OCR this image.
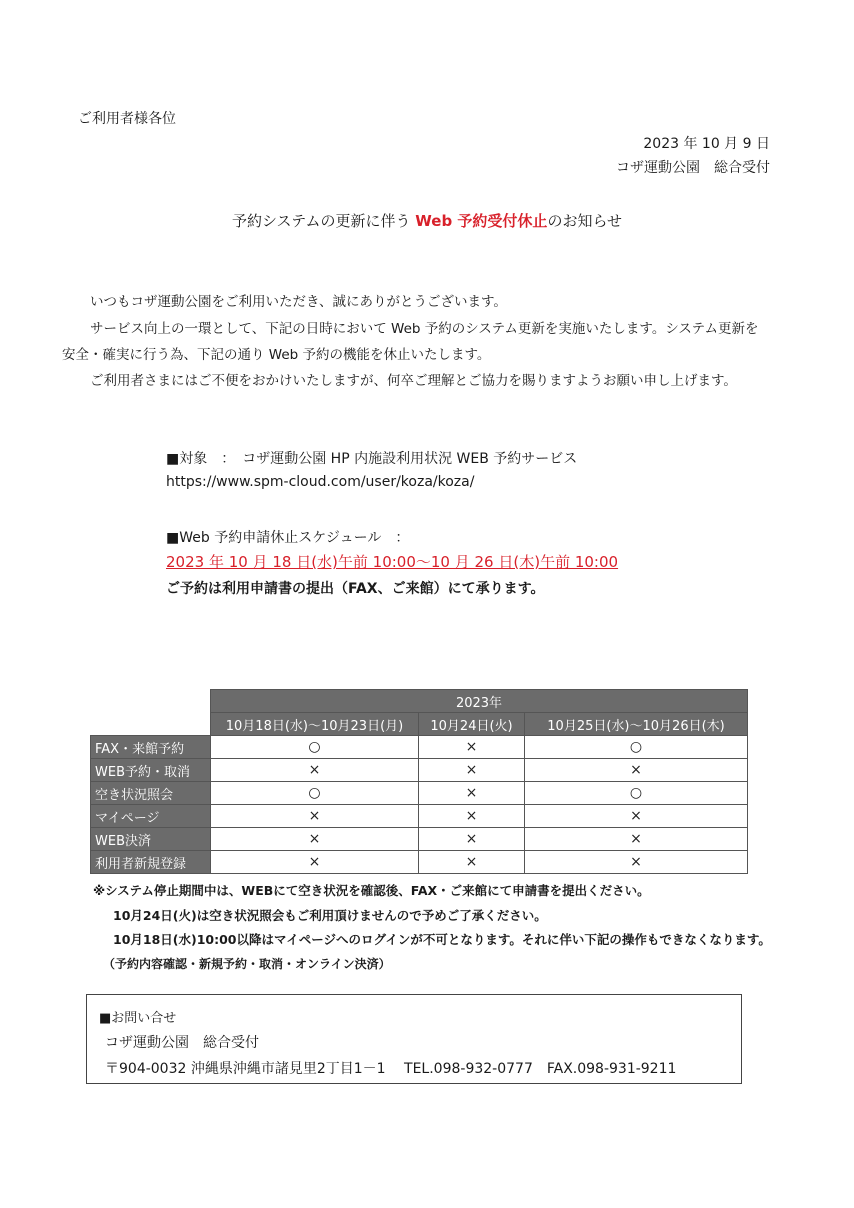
ご利用者様各位
2023 年 10 月 9 日
コザ運動公園　総合受付
予約システムの更新に伴う Web 予約受付休止のお知らせ
いつもコザ運動公園をご利用いただき、誠にありがとうございます。
サービス向上の一環として、下記の日時において Web 予約のシステム更新を実施いたします。システム更新を
安全・確実に行う為、下記の通り Web 予約の機能を休止いたします。
ご利用者さまにはご不便をおかけいたしますが、何卒ご理解とご協力を賜りますようお願い申し上げます。
■対象　：　コザ運動公園 HP 内施設利用状況 WEB 予約サービス
https://www.spm-cloud.com/user/koza/koza/
■Web 予約申請休止スケジュール　：
2023 年 10 月 18 日(水)午前 10:00～10 月 26 日(木)午前 10:00
ご予約は利用申請書の提出（FAX、ご来館）にて承ります。
	2023年		
	10月18日(水)～10月23日(月)	10月24日(火)	10月25日(水)～10月26日(木)
FAX・来館予約	○	×	○
WEB予約・取消	×	×	×
空き状況照会	○	×	○
マイページ	×	×	×
WEB決済	×	×	×
利用者新規登録	×	×	×
※システム停止期間中は、WEBにて空き状況を確認後、FAX・ご来館にて申請書を提出ください。
10月24日(火)は空き状況照会もご利用頂けませんので予めご了承ください。
10月18日(水)10:00以降はマイページへのログインが不可となります。それに伴い下記の操作もできなくなります。
（予約内容確認・新規予約・取消・オンライン決済）
■お問い合せ
コザ運動公園　総合受付
〒904-0032 沖縄県沖縄市諸見里2丁目1－1　 TEL.098-932-0777　FAX.098-931-9211
